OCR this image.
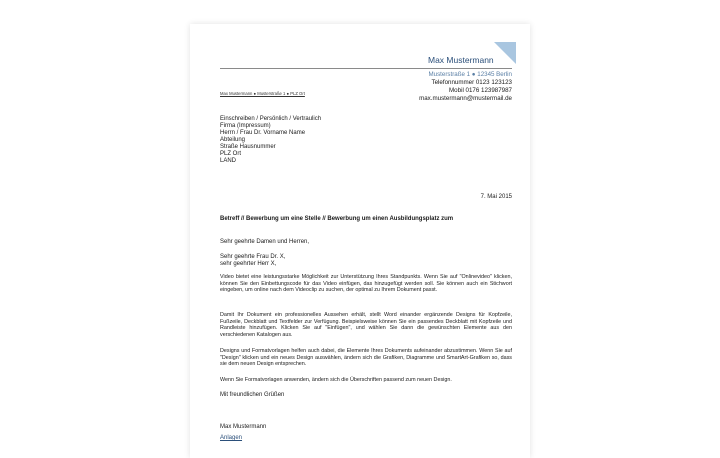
Max Mustermann
Musterstraße 1 ● 12345 Berlin
Telefonnummer 0123 123123
Mobil 0176 123987987
max.mustermann@mustermail.de
Max Mustermann ● Musterstraße 1 ● PLZ Ort
Einschreiben / Persönlich / Vertraulich
Firma (Impressum)
Herrn / Frau Dr. Vorname Name
Abteilung
Straße Hausnummer
PLZ Ort
LAND
7. Mai 2015
Betreff // Bewerbung um eine Stelle // Bewerbung um einen Ausbildungsplatz zum
Sehr geehrte Damen und Herren,
Sehr geehrte Frau Dr. X,
sehr geehrter Herr X,
Video bietet eine leistungsstarke Möglichkeit zur Unterstützung Ihres Standpunkts. Wenn Sie auf "Onlinevideo" klicken, können Sie den Einbettungscode für das Video einfügen, das hinzugefügt werden soll. Sie können auch ein Stichwort eingeben, um online nach dem Videoclip zu suchen, der optimal zu Ihrem Dokument passt.
Damit Ihr Dokument ein professionelles Aussehen erhält, stellt Word einander ergänzende Designs für Kopfzeile, Fußzeile, Deckblatt und Textfelder zur Verfügung. Beispielsweise können Sie ein passendes Deckblatt mit Kopfzeile und Randleiste hinzufügen. Klicken Sie auf "Einfügen", und wählen Sie dann die gewünschten Elemente aus den verschiedenen Katalogen aus.
Designs und Formatvorlagen helfen auch dabei, die Elemente Ihres Dokuments aufeinander abzustimmen. Wenn Sie auf "Design" klicken und ein neues Design auswählen, ändern sich die Grafiken, Diagramme und SmartArt-Grafiken so, dass sie dem neuen Design entsprechen.
Wenn Sie Formatvorlagen anwenden, ändern sich die Überschriften passend zum neuen Design.
Mit freundlichen Grüßen
Max Mustermann
Anlagen
